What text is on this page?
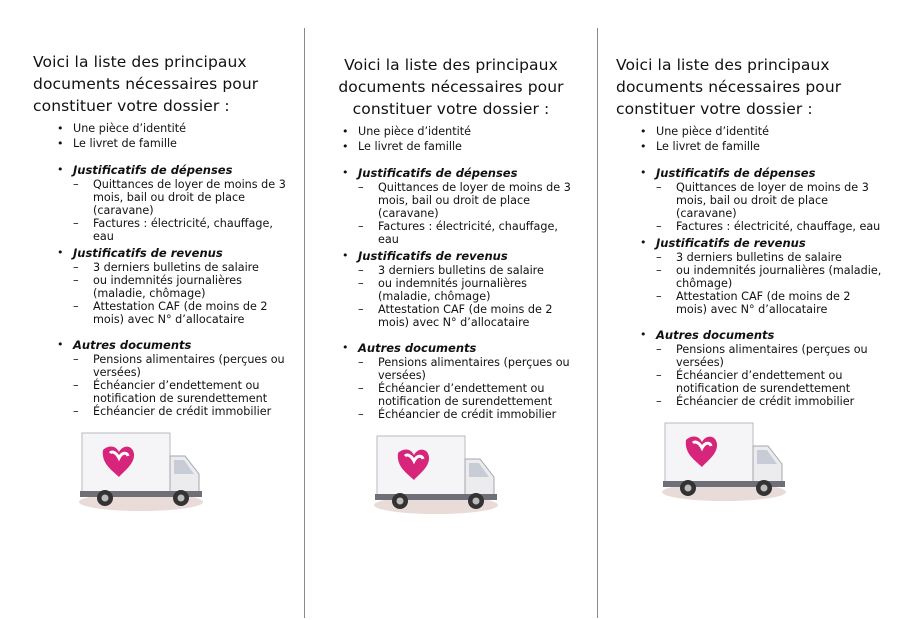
Voici la liste des principaux documents nécessaires pour constituer votre dossier :
• Une pièce d’identité
• Le livret de famille
• Justificatifs de dépenses
– Quittances de loyer de moins de 3 mois, bail ou droit de place (caravane)
– Factures : électricité, chauffage, eau
• Justificatifs de revenus
– 3 derniers bulletins de salaire
– ou indemnités journalières (maladie, chômage)
– Attestation CAF (de moins de 2 mois) avec N° d’allocataire
• Autres documents
– Pensions alimentaires (perçues ou versées)
– Échéancier d’endettement ou notification de surendettement
– Échéancier de crédit immobilier
Voici la liste des principaux documents nécessaires pour constituer votre dossier :
• Une pièce d’identité
• Le livret de famille
• Justificatifs de dépenses
– Quittances de loyer de moins de 3 mois, bail ou droit de place (caravane)
– Factures : électricité, chauffage, eau
• Justificatifs de revenus
– 3 derniers bulletins de salaire
– ou indemnités journalières (maladie, chômage)
– Attestation CAF (de moins de 2 mois) avec N° d’allocataire
• Autres documents
– Pensions alimentaires (perçues ou versées)
– Échéancier d’endettement ou notification de surendettement
– Échéancier de crédit immobilier
Voici la liste des principaux documents nécessaires pour constituer votre dossier :
• Une pièce d’identité
• Le livret de famille
• Justificatifs de dépenses
– Quittances de loyer de moins de 3 mois, bail ou droit de place (caravane)
– Factures : électricité, chauffage, eau
• Justificatifs de revenus
– 3 derniers bulletins de salaire
– ou indemnités journalières (maladie, chômage)
– Attestation CAF (de moins de 2 mois) avec N° d’allocataire
• Autres documents
– Pensions alimentaires (perçues ou versées)
– Échéancier d’endettement ou notification de surendettement
– Échéancier de crédit immobilier
